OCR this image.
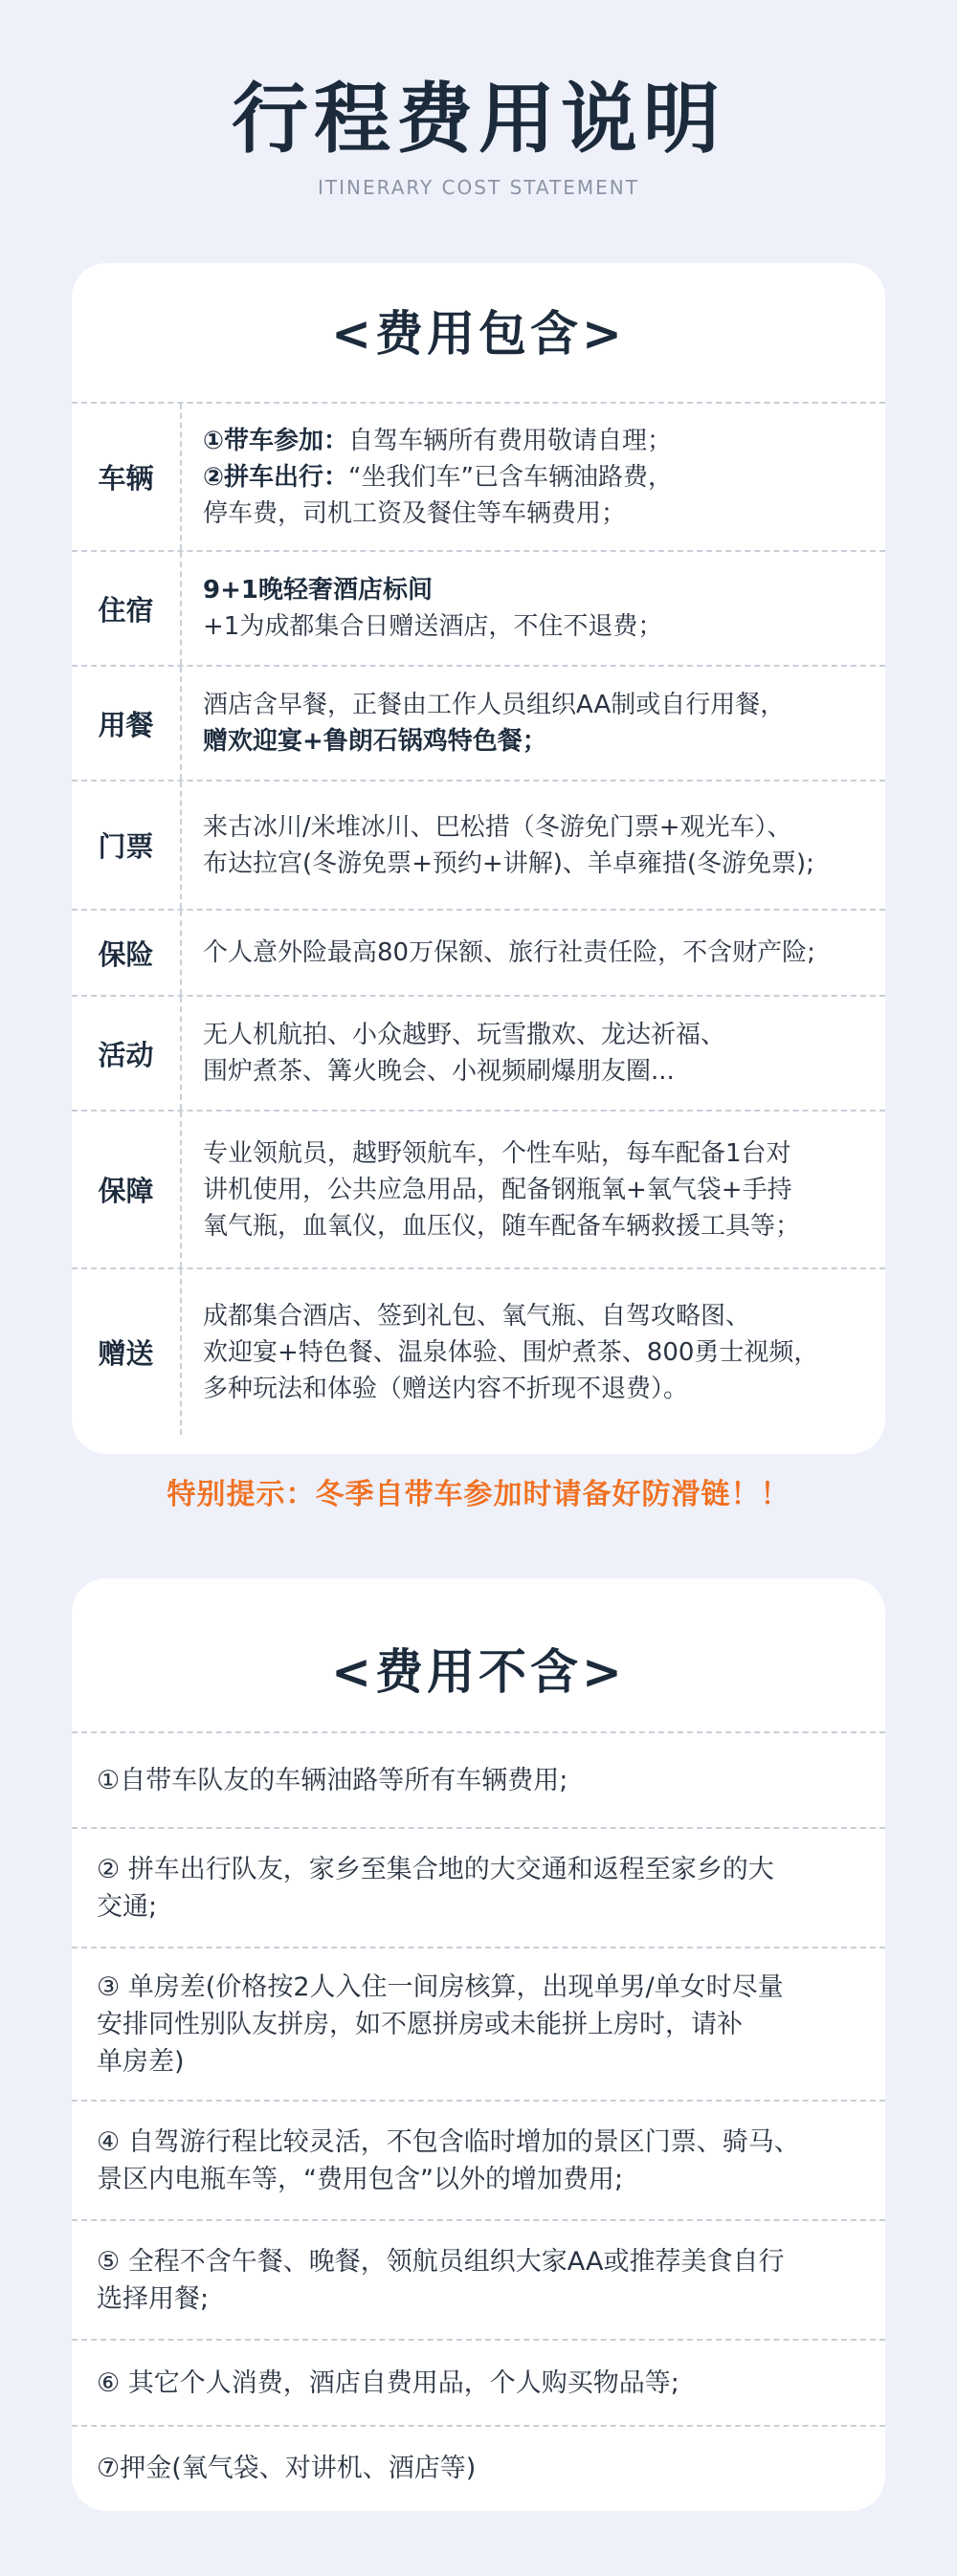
行程费用说明
ITINERARY COST STATEMENT
<费用包含>
车辆
①带车参加：自驾车辆所有费用敬请自理；
②拼车出行：“坐我们车”已含车辆油路费，
停车费，司机工资及餐住等车辆费用；
住宿
9+1晚轻奢酒店标间
+1为成都集合日赠送酒店，不住不退费；
用餐
酒店含早餐，正餐由工作人员组织AA制或自行用餐，
赠欢迎宴+鲁朗石锅鸡特色餐；
门票
来古冰川/米堆冰川、巴松措（冬游免门票+观光车）、
布达拉宫(冬游免票+预约+讲解)、羊卓雍措(冬游免票);
保险	个人意外险最高80万保额、旅行社责任险，不含财产险;
活动
无人机航拍、小众越野、玩雪撒欢、龙达祈福、
围炉煮茶、篝火晚会、小视频刷爆朋友圈...
保障
专业领航员，越野领航车，个性车贴，每车配备1台对
讲机使用，公共应急用品，配备钢瓶氧+氧气袋+手持
氧气瓶，血氧仪，血压仪，随车配备车辆救援工具等；
赠送
成都集合酒店、签到礼包、氧气瓶、自驾攻略图、
欢迎宴+特色餐、温泉体验、围炉煮茶、800勇士视频，
多种玩法和体验（赠送内容不折现不退费）。
特别提示：冬季自带车参加时请备好防滑链！！
<费用不含>
①自带车队友的车辆油路等所有车辆费用;
② 拼车出行队友，家乡至集合地的大交通和返程至家乡的大
交通;
③ 单房差(价格按2人入住一间房核算，出现单男/单女时尽量
安排同性别队友拼房，如不愿拼房或未能拼上房时，请补
单房差)
④ 自驾游行程比较灵活，不包含临时增加的景区门票、骑马、
景区内电瓶车等，“费用包含”以外的增加费用;
⑤ 全程不含午餐、晚餐，领航员组织大家AA或推荐美食自行
选择用餐;
⑥ 其它个人消费，酒店自费用品，个人购买物品等;
⑦押金(氧气袋、对讲机、酒店等)
